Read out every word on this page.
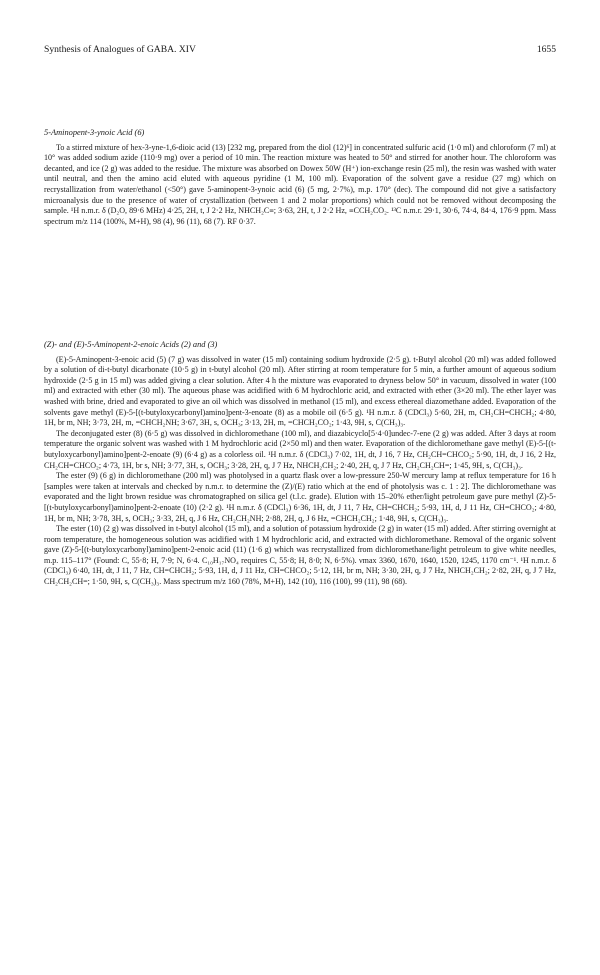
Synthesis of Analogues of GABA. XIV	1655

5-Aminopent-3-ynoic Acid (6)

To a stirred mixture of hex-3-yne-1,6-dioic acid (13) [232 mg, prepared from the diol (12)⁶] in concentrated sulfuric acid (1·0 ml) and chloroform (7 ml) at 10° was added sodium azide (110·9 mg) over a period of 10 min. The reaction mixture was heated to 50° and stirred for another hour. The chloroform was decanted, and ice (2 g) was added to the residue. The mixture was absorbed on Dowex 50W (H⁺) ion-exchange resin (25 ml), the resin was washed with water until neutral, and then the amino acid eluted with aqueous pyridine (1 M, 100 ml). Evaporation of the solvent gave a residue (27 mg) which on recrystallization from water/ethanol (<50°) gave 5-aminopent-3-ynoic acid (6) (5 mg, 2·7%), m.p. 170° (dec). The compound did not give a satisfactory microanalysis due to the presence of water of crystallization (between 1 and 2 molar proportions) which could not be removed without decomposing the sample. ¹H n.m.r. δ (D₂O, 89·6 MHz) 4·25, 2H, t, J 2·2 Hz, NHCH₂C≡; 3·63, 2H, t, J 2·2 Hz, ≡CCH₂CO₂. ¹³C n.m.r. 29·1, 30·6, 74·4, 84·4, 176·9 ppm. Mass spectrum m/z 114 (100%, M+H), 98 (4), 96 (11), 68 (7). RF 0·37.

(Z)- and (E)-5-Aminopent-2-enoic Acids (2) and (3)

(E)-5-Aminopent-3-enoic acid (5) (7 g) was dissolved in water (15 ml) containing sodium hydroxide (2·5 g). t-Butyl alcohol (20 ml) was added followed by a solution of di-t-butyl dicarbonate (10·5 g) in t-butyl alcohol (20 ml). After stirring at room temperature for 5 min, a further amount of aqueous sodium hydroxide (2·5 g in 15 ml) was added giving a clear solution. After 4 h the mixture was evaporated to dryness below 50° in vacuum, dissolved in water (100 ml) and extracted with ether (30 ml). The aqueous phase was acidified with 6 M hydrochloric acid, and extracted with ether (3×20 ml). The ether layer was washed with brine, dried and evaporated to give an oil which was dissolved in methanol (15 ml), and excess ethereal diazomethane added. Evaporation of the solvents gave methyl (E)-5-[(t-butyloxycarbonyl)amino]pent-3-enoate (8) as a mobile oil (6·5 g). ¹H n.m.r. δ (CDCl₃) 5·60, 2H, m, CH₂CH=CHCH₂; 4·80, 1H, br m, NH; 3·73, 2H, m, =CHCH₂NH; 3·67, 3H, s, OCH₃; 3·13, 2H, m, =CHCH₂CO₂; 1·43, 9H, s, C(CH₃)₃.

The deconjugated ester (8) (6·5 g) was dissolved in dichloromethane (100 ml), and diazabicyclo[5·4·0]undec-7-ene (2 g) was added. After 3 days at room temperature the organic solvent was washed with 1 M hydrochloric acid (2×50 ml) and then water. Evaporation of the dichloromethane gave methyl (E)-5-[(t-butyloxycarbonyl)amino]pent-2-enoate (9) (6·4 g) as a colorless oil. ¹H n.m.r. δ (CDCl₃) 7·02, 1H, dt, J 16, 7 Hz, CH₂CH=CHCO₂; 5·90, 1H, dt, J 16, 2 Hz, CH₂CH=CHCO₂; 4·73, 1H, br s, NH; 3·77, 3H, s, OCH₃; 3·28, 2H, q, J 7 Hz, NHCH₂CH₂; 2·40, 2H, q, J 7 Hz, CH₂CH₂CH=; 1·45, 9H, s, C(CH₃)₃.

The ester (9) (6 g) in dichloromethane (200 ml) was photolysed in a quartz flask over a low-pressure 250-W mercury lamp at reflux temperature for 16 h [samples were taken at intervals and checked by n.m.r. to determine the (Z)/(E) ratio which at the end of photolysis was c. 1 : 2]. The dichloromethane was evaporated and the light brown residue was chromatographed on silica gel (t.l.c. grade). Elution with 15–20% ether/light petroleum gave pure methyl (Z)-5-[(t-butyloxycarbonyl)amino]pent-2-enoate (10) (2·2 g). ¹H n.m.r. δ (CDCl₃) 6·36, 1H, dt, J 11, 7 Hz, CH=CHCH₂; 5·93, 1H, d, J 11 Hz, CH=CHCO₂; 4·80, 1H, br m, NH; 3·78, 3H, s, OCH₃; 3·33, 2H, q, J 6 Hz, CH₂CH₂NH; 2·88, 2H, q, J 6 Hz, =CHCH₂CH₂; 1·48, 9H, s, C(CH₃)₃.

The ester (10) (2 g) was dissolved in t-butyl alcohol (15 ml), and a solution of potassium hydroxide (2 g) in water (15 ml) added. After stirring overnight at room temperature, the homogeneous solution was acidified with 1 M hydrochloric acid, and extracted with dichloromethane. Removal of the organic solvent gave (Z)-5-[(t-butyloxycarbonyl)amino]pent-2-enoic acid (11) (1·6 g) which was recrystallized from dichloromethane/light petroleum to give white needles, m.p. 115–117° (Found: C, 55·8; H, 7·9; N, 6·4. C₁₀H₁₇NO₄ requires C, 55·8; H, 8·0; N, 6·5%). νmax 3360, 1670, 1640, 1520, 1245, 1170 cm⁻¹. ¹H n.m.r. δ (CDCl₃) 6·40, 1H, dt, J 11, 7 Hz, CH=CHCH₂; 5·93, 1H, d, J 11 Hz, CH=CHCO₂; 5·12, 1H, br m, NH; 3·30, 2H, q, J 7 Hz, NHCH₂CH₂; 2·82, 2H, q, J 7 Hz, CH₂CH₂CH=; 1·50, 9H, s, C(CH₃)₃. Mass spectrum m/z 160 (78%, M+H), 142 (10), 116 (100), 99 (11), 98 (68).
